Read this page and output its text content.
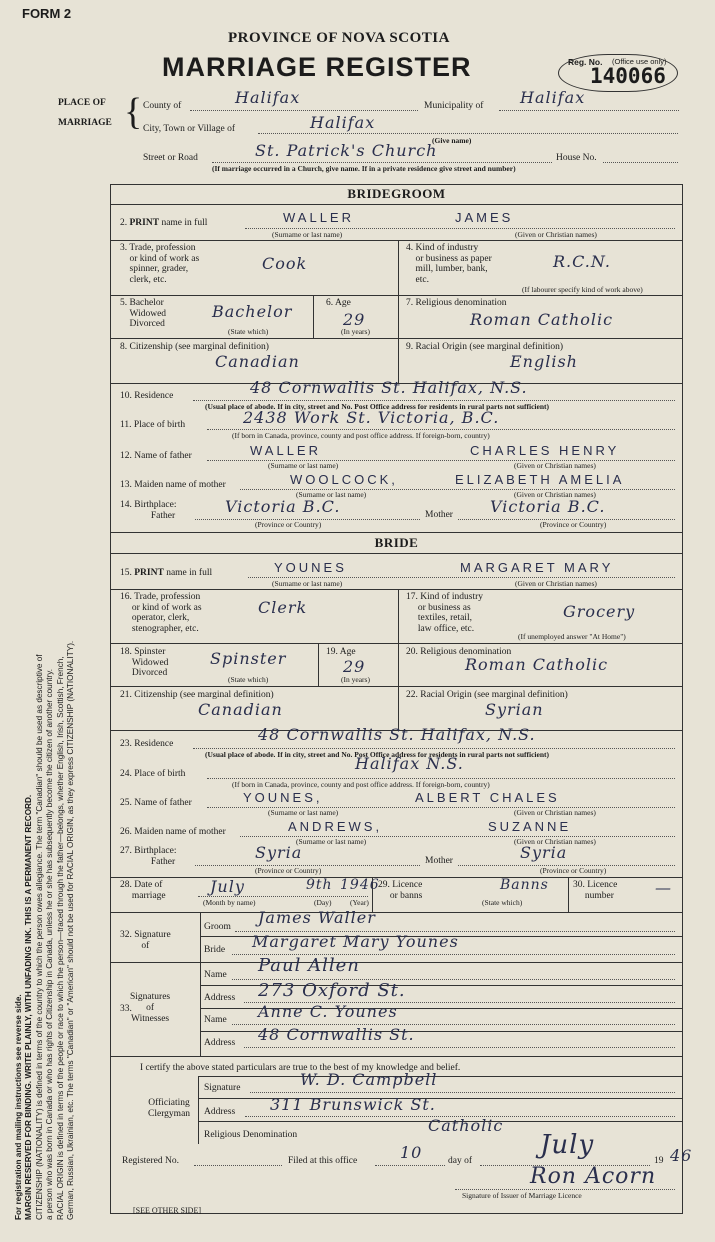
For registration and mailing instructions see reverse side. MARGIN RESERVED FOR BINDING. WRITE PLAINLY, WITH UNFADING INK. THIS IS A PERMANENT RECORD. CITIZENSHIP (NATIONALITY) is defined in terms of the country to which the person owes allegiance. The term "Canadian" should be used as descriptive of a person who was born in Canada or who has rights of Citizenship in Canada, unless he or she has subsequently become the citizen of another country. RACIAL ORIGIN is defined in terms of the people or race to which the person—traced through the father—belongs, whether English, Irish, Scottish, French, German, Russian, Ukrainian, etc. The terms "Canadian" or "American" should not be used for RACIAL ORIGIN, as they express CITIZENSHIP (NATIONALITY).
FORM 2
PROVINCE OF NOVA SCOTIA
MARRIAGE REGISTER	Reg. No. (Office use only)
140066
PLACE OF
MARRIAGE { County of	Halifax	Municipality of Halifax
City, Town or Village of	Halifax
(Give name)
Street or Road	St. Patrick's Church	House No.
(If marriage occurred in a Church, give name. If in a private residence give street and number)
BRIDEGROOM
2. PRINT name in full	WALLER	JAMES
(Surname or last name)	(Given or Christian names)
3. Trade, profession
or kind of work as
spinner, grader,
clerk, etc.
Cook
4. Kind of industry
or business as paper
mill, lumber, bank,
etc.
R.C.N.
(If labourer specify kind of work above)
5. Bachelor
Widowed
Divorced
Bachelor
(State which)
6. Age
29
(In years)
7. Religious denomination
Roman Catholic
8. Citizenship (see marginal definition)
Canadian
9. Racial Origin (see marginal definition)
English
10. Residence	48 Cornwallis St. Halifax, N.S.
(Usual place of abode. If in city, street and No. Post Office address for residents in rural parts not sufficient)
11. Place of birth	2438 Work St. Victoria, B.C.
(If born in Canada, province, county and post office address. If foreign-born, country)
12. Name of father	WALLER	CHARLES HENRY
(Surname or last name)	(Given or Christian names)
13. Maiden name of mother	WOOLCOCK,	ELIZABETH AMELIA
(Surname or last name)	(Given or Christian names)
14. Birthplace:
Father	Victoria B.C.	Mother Victoria B.C.
(Province or Country)	(Province or Country)
BRIDE
15. PRINT name in full	YOUNES	MARGARET MARY
(Surname or last name)	(Given or Christian names)
16. Trade, profession
or kind of work as
operator, clerk,
stenographer, etc.
Clerk
17. Kind of industry
or business as
textiles, retail,
law office, etc.
Grocery
(If unemployed answer "At Home")
18. Spinster
Widowed
Divorced
Spinster
(State which)
19. Age
29
(In years)
20. Religious denomination
Roman Catholic
21. Citizenship (see marginal definition)
Canadian
22. Racial Origin (see marginal definition)
Syrian
23. Residence	48 Cornwallis St. Halifax, N.S.
(Usual place of abode. If in city, street and No. Post Office address for residents in rural parts not sufficient)
24. Place of birth
Halifax N.S.
(If born in Canada, province, county and post office address. If foreign-born, country)
25. Name of father	YOUNES,	ALBERT CHALES
(Surname or last name)	(Given or Christian names)
26. Maiden name of mother	ANDREWS,	SUZANNE
(Surname or last name)	(Given or Christian names)
27. Birthplace:
Father	Syria	Mother	Syria
(Province or Country)	(Province or Country)
28. Date of
marriage	July	9th 1946
(Month by name)	(Day) (Year)
29. Licence
or banns
Banns
(State which)
30. Licence
number	—
32. Signature
of
Groom James Waller
Bride Margaret Mary Younes
Signatures
of
Witnesses
33.
Name Paul Allen
Address 273 Oxford St.
Name Anne C. Younes
Address 48 Cornwallis St.
I certify the above stated particulars are true to the best of my knowledge and belief.
Officiating
Clergyman
Signature	W. D. Campbell
Address 311 Brunswick St.
Religious Denomination	Catholic
Registered No.	Filed at this office	10	day of
July
19 46
Ron Acorn
Signature of Issuer of Marriage Licence
[SEE OTHER SIDE]
